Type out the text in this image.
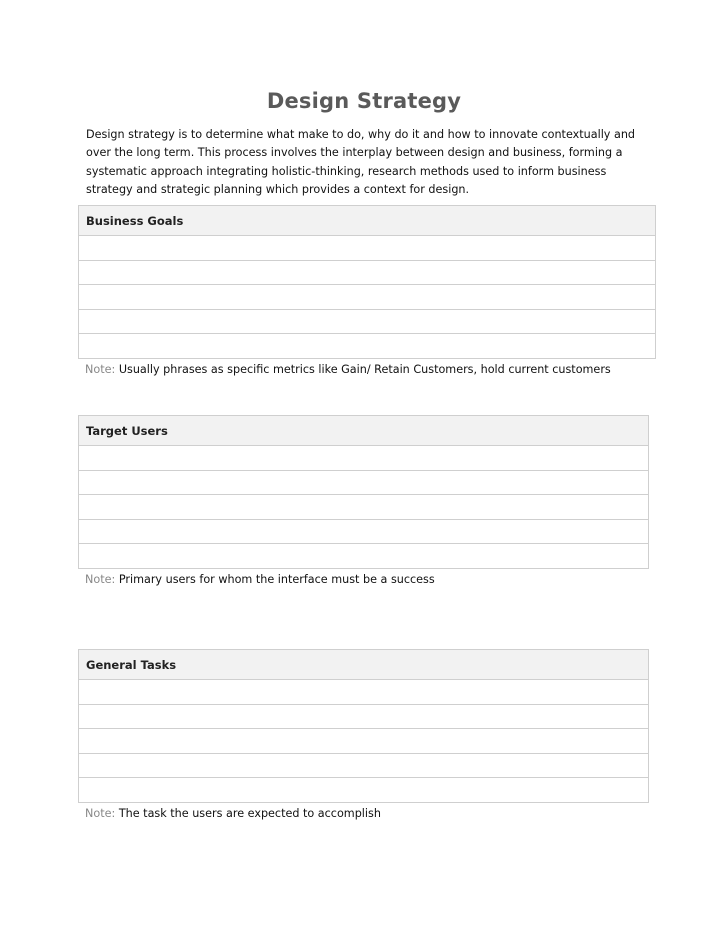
Design Strategy

Design strategy is to determine what make to do, why do it and how to innovate contextually and over the long term. This process involves the interplay between design and business, forming a systematic approach integrating holistic-thinking, research methods used to inform business strategy and strategic planning which provides a context for design.

Business Goals

Note: Usually phrases as specific metrics like Gain/ Retain Customers, hold current customers
Target Users

Note: Primary users for whom the interface must be a success
General Tasks

Note: The task the users are expected to accomplish
